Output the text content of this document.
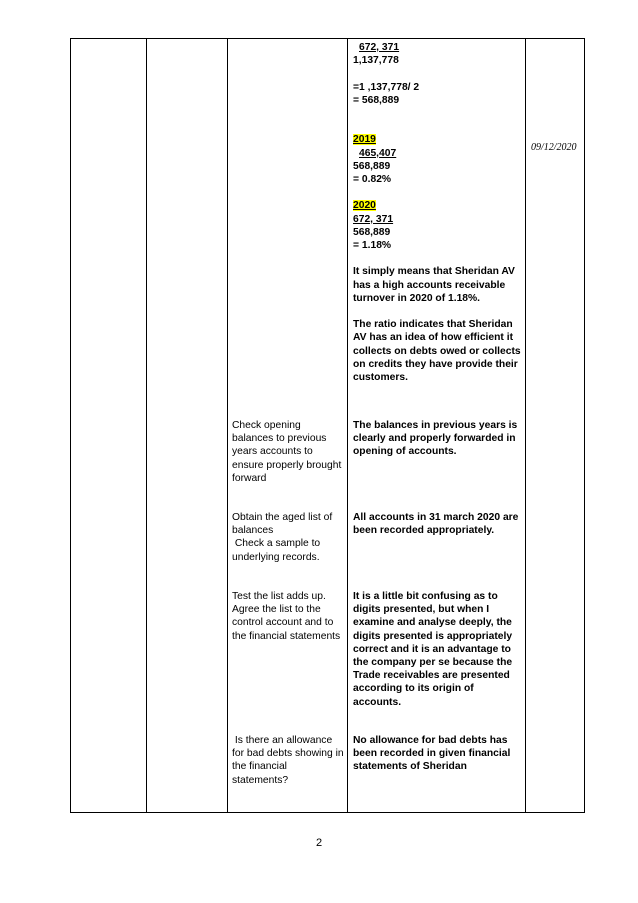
672, 371
1,137,778
=1 ,137,778/ 2
= 568,889
2019
465,407
568,889
= 0.82%
2020
672, 371
568,889
= 1.18%
It simply means that Sheridan AV has a high accounts receivable turnover in 2020 of 1.18%.
The ratio indicates that Sheridan AV has an idea of how efficient it collects on debts owed or collects on credits they have provide their customers.
09/12/2020
Check opening balances to previous years accounts to ensure properly brought forward
The balances in previous years is clearly and properly forwarded in opening of accounts.
Obtain the aged list of balances
Check a sample to underlying records.
All accounts in 31 march 2020 are been recorded appropriately.
Test the list adds up. Agree the list to the control account and to the financial statements
It is a little bit confusing as to digits presented, but when I examine and analyse deeply, the digits presented is appropriately correct and it is an advantage to the company per se because the Trade receivables are presented according to its origin of accounts.
Is there an allowance for bad debts showing in the financial statements?
No allowance for bad debts has been recorded in given financial statements of Sheridan
2
